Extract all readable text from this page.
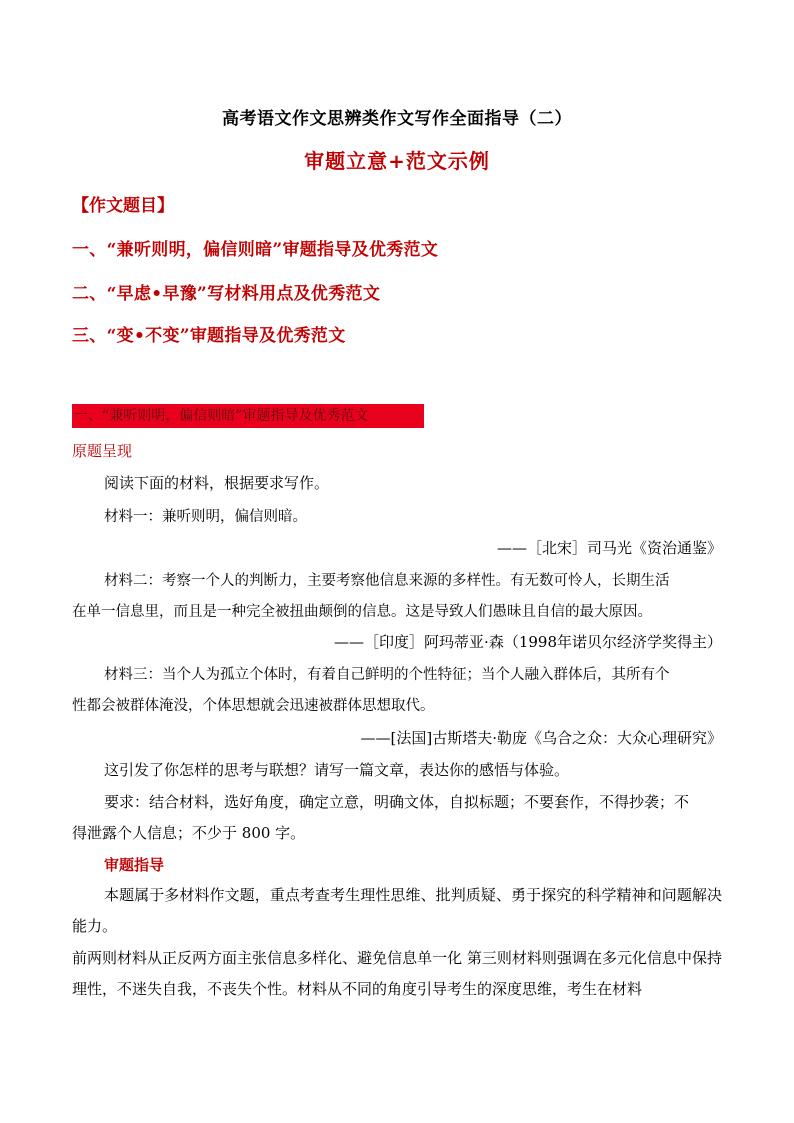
高考语文作文思辨类作文写作全面指导（二）
审题立意+范文示例
【作文题目】
一、“兼听则明，偏信则暗”审题指导及优秀范文
二、“早虑•早豫”写材料用点及优秀范文
三、“变•不变”审题指导及优秀范文
一、“兼听则明，偏信则暗”审题指导及优秀范文
原题呈现
阅读下面的材料，根据要求写作。
材料一：兼听则明，偏信则暗。
——［北宋］司马光《资治通鉴》
材料二：考察一个人的判断力，主要考察他信息来源的多样性。有无数可怜人，长期生活
在单一信息里，而且是一种完全被扭曲颠倒的信息。这是导致人们愚昧且自信的最大原因。
——［印度］阿玛蒂亚·森（1998年诺贝尔经济学奖得主）
材料三：当个人为孤立个体时，有着自己鲜明的个性特征；当个人融入群体后，其所有个
性都会被群体淹没，个体思想就会迅速被群体思想取代。
——[法国]古斯塔夫·勒庞《乌合之众：大众心理研究》
这引发了你怎样的思考与联想？请写一篇文章，表达你的感悟与体验。
要求：结合材料，选好角度，确定立意，明确文体，自拟标题；不要套作，不得抄袭；不
得泄露个人信息；不少于 800 字。
审题指导
本题属于多材料作文题，重点考查考生理性思维、批判质疑、勇于探究的科学精神和问题解决能力。
前两则材料从正反两方面主张信息多样化、避免信息单一化 第三则材料则强调在多元化信息中保持理性，不迷失自我，不丧失个性。材料从不同的角度引导考生的深度思维，考生在材料
